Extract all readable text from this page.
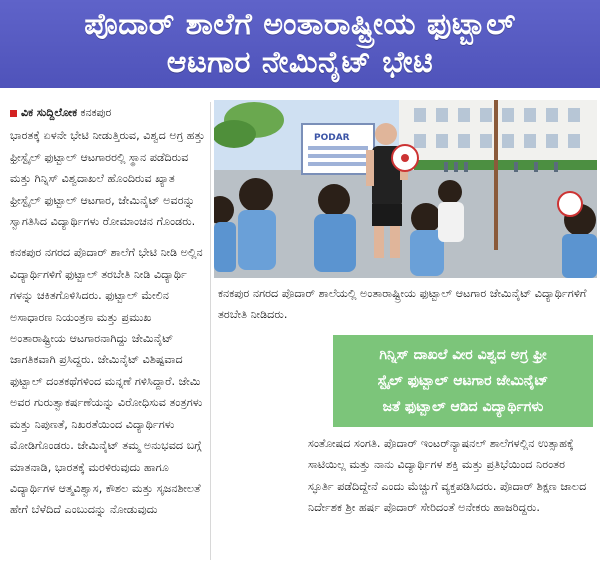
ಪೊದಾರ್ ಶಾಲೆಗೆ ಅಂತಾರಾಷ್ಟ್ರೀಯ ಫುಟ್ಬಾಲ್
ಆಟಗಾರ ನೇಮಿನೈಟ್ ಭೇಟಿ
ವಿಕ ಸುದ್ದಿಲೋಕ ಕನಕಪುರ

ಭಾರತಕ್ಕೆ ಏಳನೇ ಭೇಟಿ ನೀಡುತ್ತಿರುವ, ವಿಶ್ವದ ಅಗ್ರ ಹತ್ತು ಫ್ರೀಸ್ಟೈಲ್ ಫುಟ್ಬಾಲ್ ಆಟಗಾರರಲ್ಲಿ ಸ್ಥಾನ ಪಡೆದಿರುವ ಮತ್ತು ಗಿನ್ನಿಸ್ ವಿಶ್ವದಾಖಲೆ ಹೊಂದಿರುವ ಖ್ಯಾತ ಫ್ರೀಸ್ಟೈಲ್ ಫುಟ್ಬಾಲ್ ಆಟಗಾರ, ಜೇಮಿನೈಟ್ ಅವರನ್ನು ಸ್ವಾಗತಿಸಿದ ವಿದ್ಯಾರ್ಥಿಗಳು ರೋಮಾಂಚನ ಗೊಂಡರು.

ಕನಕಪುರ ನಗರದ ಪೊದಾರ್ ಶಾಲೆಗೆ ಭೇಟಿ ನೀಡಿ ಅಲ್ಲಿನ ವಿದ್ಯಾರ್ಥಿಗಳಿಗೆ ಫುಟ್ಬಾಲ್ ತರಬೇತಿ ನೀಡಿ ವಿದ್ಯಾರ್ಥಿ ಗಳನ್ನು ಚಕಿತಗೊಳಿಸಿದರು. ಫುಟ್ಬಾಲ್ ಮೇಲಿನ ಅಸಾಧಾರಣ ನಿಯಂತ್ರಣ ಮತ್ತು ಪ್ರಮುಖ ಅಂತಾರಾಷ್ಟ್ರೀಯ ಆಟಗಾರನಾಗಿದ್ದು ಜೇಮಿನೈಟ್ ಜಾಗತಿಕವಾಗಿ ಪ್ರಸಿದ್ದರು. ಜೇಮಿನೈಟ್ ವಿಶಿಷ್ಟವಾದ ಫುಟ್ಬಾಲ್ ದಂತಕಥೆಗಳಿಂದ ಮನ್ನಣೆ ಗಳಿಸಿದ್ದಾರೆ. ಜೇಮಿ ಅವರ ಗುರುತ್ವಾಕರ್ಷಣೆಯನ್ನು ವಿರೋಧಿಸುವ ತಂತ್ರಗಳು ಮತ್ತು ನಿಪುಣತೆ, ನಿಖರತೆಯಿಂದ ವಿದ್ಯಾರ್ಥಿಗಳು ಮೋಡಿಗೊಂಡರು. ಜೇಮಿನೈಟ್ ತಮ್ಮ ಅನುಭವದ ಬಗ್ಗೆ ಮಾತನಾಡಿ, ಭಾರತಕ್ಕೆ ಮರಳಿರುವುದು ಹಾಗೂ ವಿದ್ಯಾರ್ಥಿಗಳ ಆತ್ಮವಿಶ್ವಾಸ, ಕೌಶಲ ಮತ್ತು ಸೃಜನಶೀಲತೆ ಹೇಗೆ ಬೆಳೆದಿದೆ ಎಂಬುದನ್ನು ನೋಡುವುದು

PODAR
ಕನಕಪುರ ನಗರದ ಪೊದಾರ್ ಶಾಲೆಯಲ್ಲಿ ಅಂತಾರಾಷ್ಟ್ರೀಯ ಫುಟ್ಬಾಲ್ ಆಟಗಾರ ಜೇಮಿನೈಟ್ ವಿದ್ಯಾರ್ಥಿಗಳಿಗೆ ತರಬೇತಿ ನೀಡಿದರು.
ಗಿನ್ನಿಸ್ ದಾಖಲೆ ವೀರ ವಿಶ್ವದ ಅಗ್ರ ಫ್ರೀ
ಸ್ಟೈಲ್ ಫುಟ್ಬಾಲ್ ಆಟಗಾರ ಜೇಮಿನೈಟ್
ಜತೆ ಫುಟ್ಬಾಲ್ ಆಡಿದ ವಿದ್ಯಾರ್ಥಿಗಳು
ಸಂತೋಷದ ಸಂಗತಿ. ಪೊದಾರ್ ಇಂಟರ್‌ನ್ಯಾಷನಲ್ ಶಾಲೆಗಳಲ್ಲಿನ ಉತ್ಸಾಹಕ್ಕೆ ಸಾಟಿಯಿಲ್ಲ ಮತ್ತು ನಾನು ವಿದ್ಯಾರ್ಥಿಗಳ ಶಕ್ತಿ ಮತ್ತು ಪ್ರತಿಭೆಯಿಂದ ನಿರಂತರ ಸ್ಫೂರ್ತಿ ಪಡೆದಿದ್ದೇನೆ ಎಂದು ಮೆಚ್ಚುಗೆ ವ್ಯಕ್ತಪಡಿಸಿದರು. ಪೊದಾರ್ ಶಿಕ್ಷಣ ಜಾಲದ ನಿರ್ದೇಶಕ ಶ್ರೀ ಹರ್ಷ ಪೊದಾರ್ ಸೇರಿದಂತೆ ಅನೇಕರು ಹಾಜರಿದ್ದರು.
